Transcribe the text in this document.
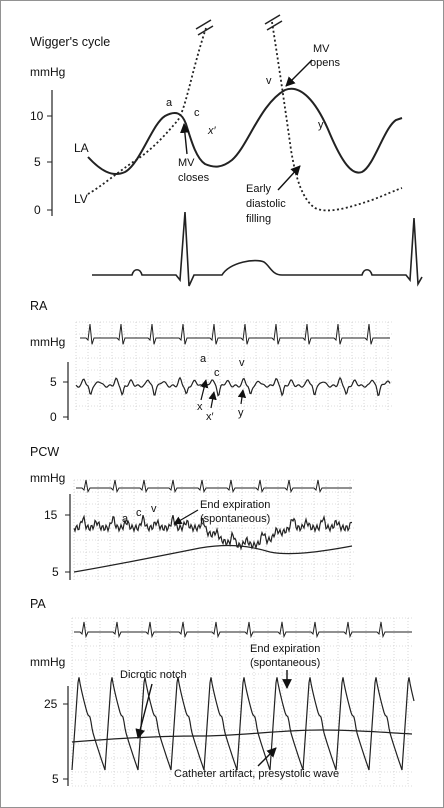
Wigger's cycle
mmHg
10
5
0
LA
LV
a
c
x′
v
y
MV
opens
MV
closes
Early
diastolic
filling
RA
mmHg
5
0
a
c
v
x
x′ y
PCW
mmHg
15
5
a c v	End expiration
(spontaneous)
PA
mmHg
25
5
Dicrotic notch
End expiration
(spontaneous)
Catheter artifact, presystolic wave
